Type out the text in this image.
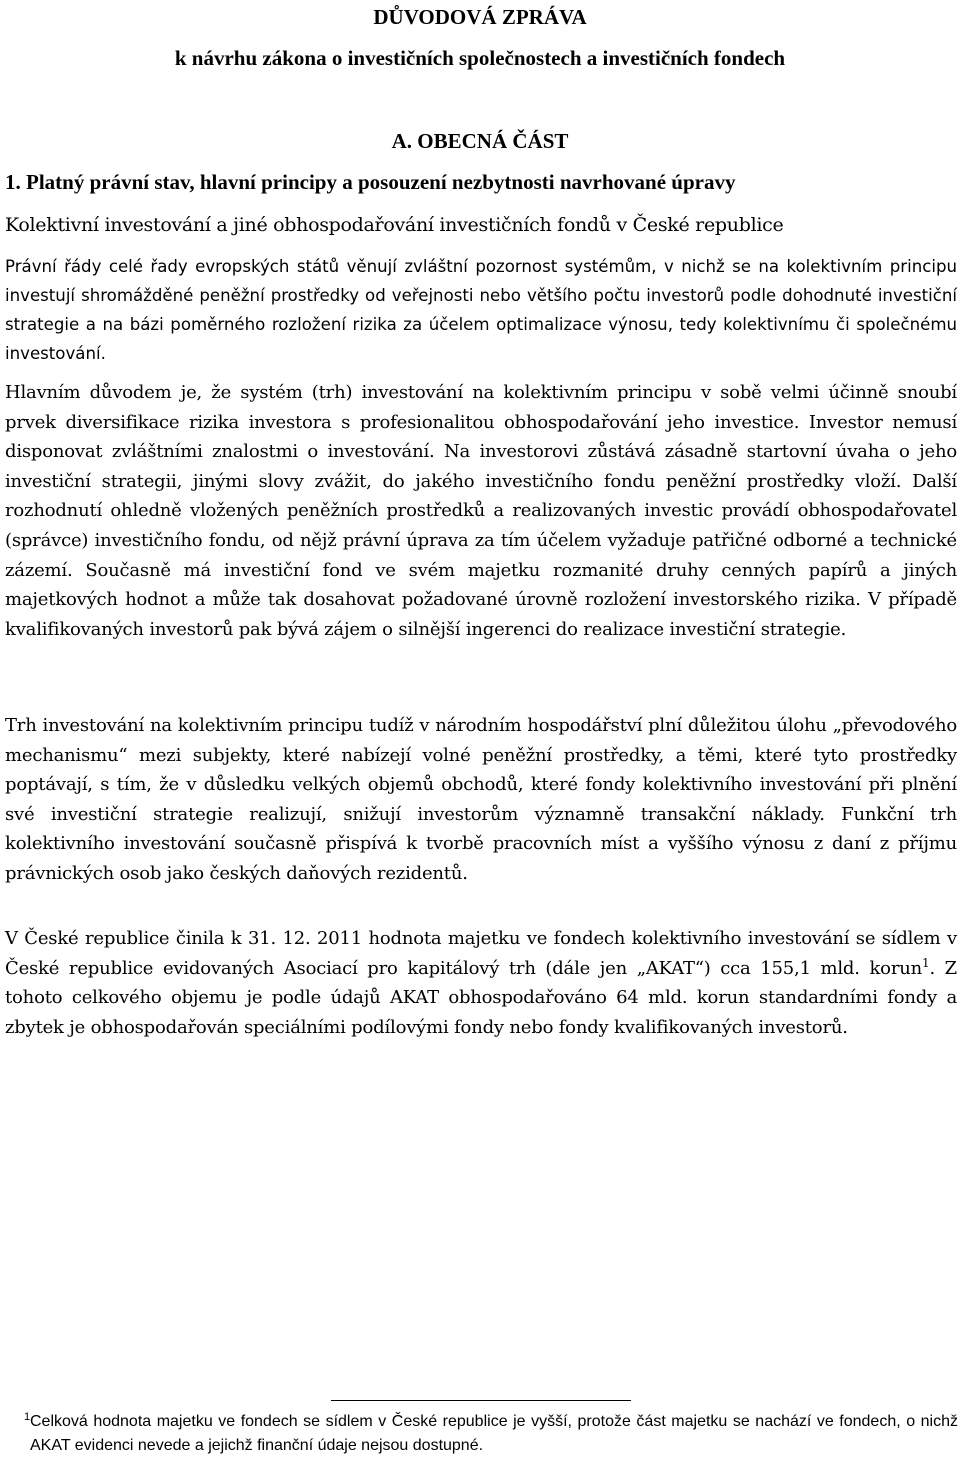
DŮVODOVÁ ZPRÁVA
k návrhu zákona o investičních společnostech a investičních fondech
A. OBECNÁ ČÁST
1. Platný právní stav, hlavní principy a posouzení nezbytnosti navrhované úpravy
Kolektivní investování a jiné obhospodařování investičních fondů v České republice
Právní řády celé řady evropských států věnují zvláštní pozornost systémům, v nichž se na kolektivním principu investují shromážděné peněžní prostředky od veřejnosti nebo většího počtu investorů podle dohodnuté investiční strategie a na bázi poměrného rozložení rizika za účelem optimalizace výnosu, tedy kolektivnímu či společnému investování.
Hlavním důvodem je, že systém (trh) investování na kolektivním principu v sobě velmi účinně snoubí prvek diversifikace rizika investora s profesionalitou obhospodařování jeho investice. Investor nemusí disponovat zvláštními znalostmi o investování. Na investorovi zůstává zásadně startovní úvaha o jeho investiční strategii, jinými slovy zvážit, do jakého investičního fondu peněžní prostředky vloží. Další rozhodnutí ohledně vložených peněžních prostředků a realizovaných investic provádí obhospodařovatel (správce) investičního fondu, od nějž právní úprava za tím účelem vyžaduje patřičné odborné a technické zázemí. Současně má investiční fond ve svém majetku rozmanité druhy cenných papírů a jiných majetkových hodnot a může tak dosahovat požadované úrovně rozložení investorského rizika. V případě kvalifikovaných investorů pak bývá zájem o silnější ingerenci do realizace investiční strategie.
Trh investování na kolektivním principu tudíž v národním hospodářství plní důležitou úlohu „převodového mechanismu“ mezi subjekty, které nabízejí volné peněžní prostředky, a těmi, které tyto prostředky poptávají, s tím, že v důsledku velkých objemů obchodů, které fondy kolektivního investování při plnění své investiční strategie realizují, snižují investorům významně transakční náklady. Funkční trh kolektivního investování současně přispívá k tvorbě pracovních míst a vyššího výnosu z daní z příjmu právnických osob jako českých daňových rezidentů.
V České republice činila k 31. 12. 2011 hodnota majetku ve fondech kolektivního investování se sídlem v České republice evidovaných Asociací pro kapitálový trh (dále jen „AKAT“) cca 155,1 mld. korun$^1$. Z tohoto celkového objemu je podle údajů AKAT obhospodařováno 64 mld. korun standardními fondy a zbytek je obhospodařován speciálními podílovými fondy nebo fondy kvalifikovaných investorů.
1 Celková hodnota majetku ve fondech se sídlem v České republice je vyšší, protože část majetku se nachází ve fondech, o nichž AKAT evidenci nevede a jejichž finanční údaje nejsou dostupné.
